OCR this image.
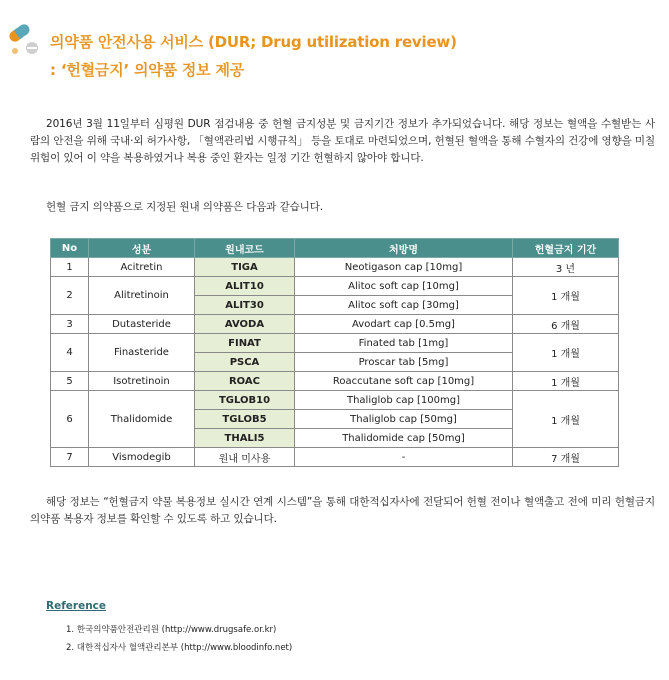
의약품 안전사용 서비스 (DUR; Drug utilization review)
: ‘헌혈금지’ 의약품 정보 제공
2016년 3월 11일부터 심평원 DUR 점검내용 중 헌혈 금지성분 및 금지기간 정보가 추가되었습니다. 해당 정보는 혈액을 수혈받는 사람의 안전을 위해 국내·외 허가사항, 「혈액관리법 시행규칙」 등을 토대로 마련되었으며, 헌혈된 혈액을 통해 수혈자의 건강에 영향을 미칠 위험이 있어 이 약을 복용하였거나 복용 중인 환자는 일정 기간 헌혈하지 않아야 합니다.
헌혈 금지 의약품으로 지정된 원내 의약품은 다음과 같습니다.
No	성분	원내코드	처방명	헌혈금지 기간
1	Acitretin	TIGA	Neotigason cap [10mg]	3 년
2	Alitretinoin	ALIT10	Alitoc soft cap [10mg]	1 개월
		ALIT30	Alitoc soft cap [30mg]	
3	Dutasteride	AVODA	Avodart cap [0.5mg]	6 개월
4	Finasteride	FINAT	Finated tab [1mg]	1 개월
		PSCA	Proscar tab [5mg]	
5	Isotretinoin	ROAC	Roaccutane soft cap [10mg]	1 개월
6	Thalidomide	TGLOB10	Thaliglob cap [100mg]	1 개월
		TGLOB5	Thaliglob cap [50mg]	
		THALI5	Thalidomide cap [50mg]	
7	Vismodegib	원내 미사용	-	7 개월
해당 정보는 “헌혈금지 약물 복용정보 실시간 연계 시스템”을 통해 대한적십자사에 전달되어 헌혈 전이나 혈액출고 전에 미리 헌혈금지 의약품 복용자 정보를 확인할 수 있도록 하고 있습니다.
Reference
1. 한국의약품안전관리원 (http://www.drugsafe.or.kr)
2. 대한적십자사 혈액관리본부 (http://www.bloodinfo.net)
